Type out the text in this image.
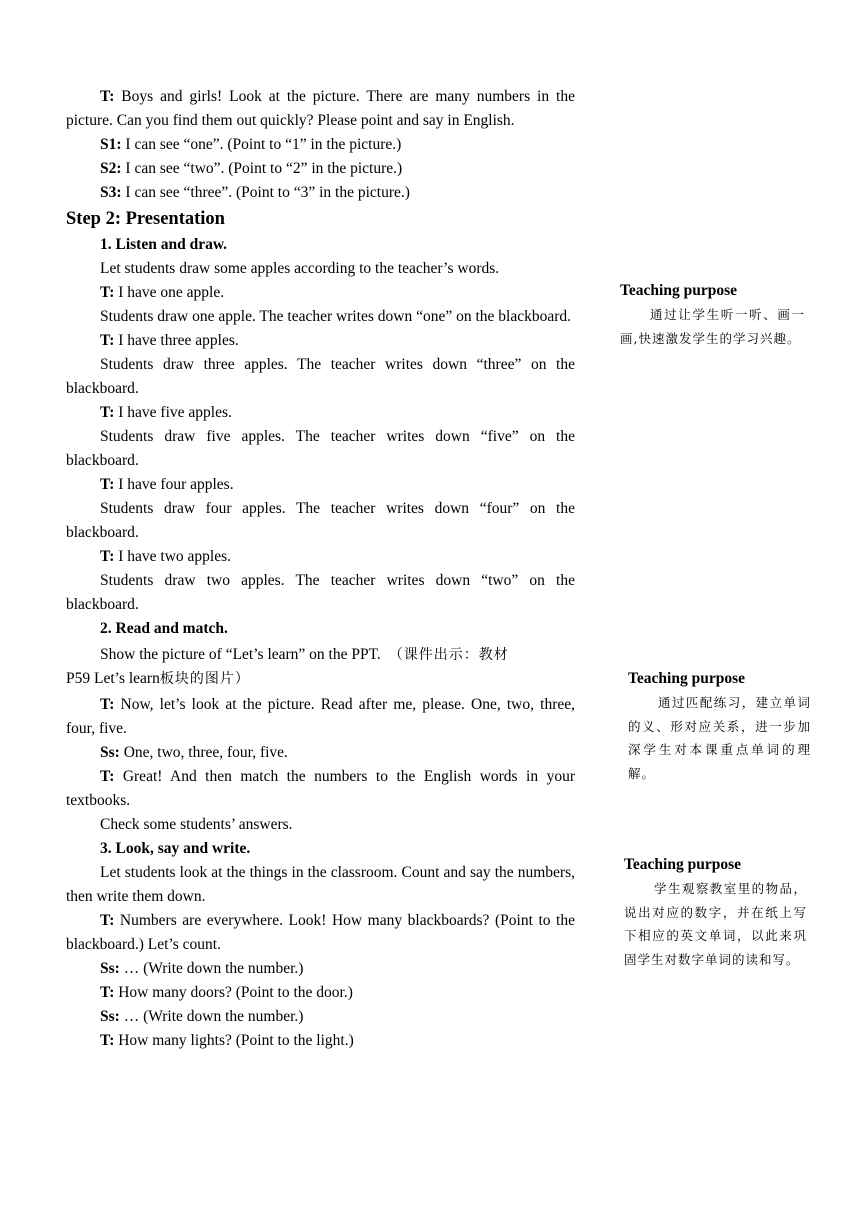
T: Boys and girls! Look at the picture. There are many numbers in the picture. Can you find them out quickly? Please point and say in English.

S1: I can see “one”. (Point to “1” in the picture.)

S2: I can see “two”. (Point to “2” in the picture.)

S3: I can see “three”. (Point to “3” in the picture.)

Step 2: Presentation

1. Listen and draw.

Let students draw some apples according to the teacher’s words.

T: I have one apple.

Students draw one apple. The teacher writes down “one” on the blackboard.

T: I have three apples.

Students draw three apples. The teacher writes down “three” on the blackboard.

T: I have five apples.

Students draw five apples. The teacher writes down “five” on the blackboard.

T: I have four apples.

Students draw four apples. The teacher writes down “four” on the blackboard.

T: I have two apples.

Students draw two apples. The teacher writes down “two” on the blackboard.

2. Read and match.

Show the picture of “Let’s learn” on the PPT. （课件出示：教材
P59 Let’s learn板块的图片）

T: Now, let’s look at the picture. Read after me, please. One, two, three, four, five.

Ss: One, two, three, four, five.

T: Great! And then match the numbers to the English words in your textbooks.

Check some students’ answers.

3. Look, say and write.

Let students look at the things in the classroom. Count and say the numbers, then write them down.

T: Numbers are everywhere. Look! How many blackboards? (Point to the blackboard.) Let’s count.

Ss: … (Write down the number.)

T: How many doors? (Point to the door.)

Ss: … (Write down the number.)

T: How many lights? (Point to the light.)

Teaching purpose

通过让学生听一听、画一画,快速激发学生的学习兴趣。

Teaching purpose

通过匹配练习，建立单词的义、形对应关系，进一步加深学生对本课重点单词的理解。

Teaching purpose

学生观察教室里的物品，说出对应的数字，并在纸上写下相应的英文单词，以此来巩固学生对数字单词的读和写。
